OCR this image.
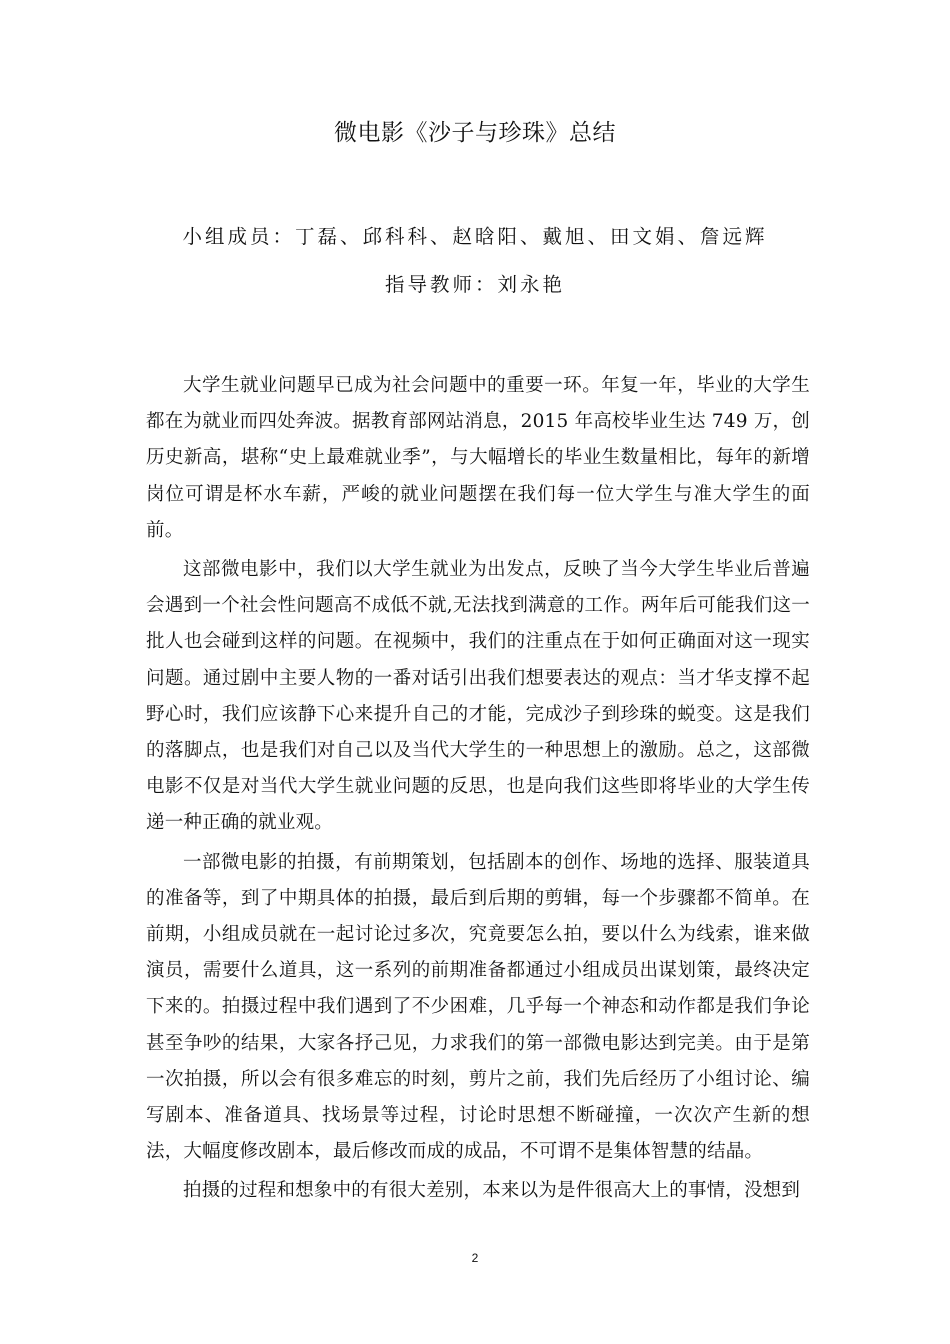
微电影《沙子与珍珠》总结
小组成员：丁磊、邱科科、赵晗阳、戴旭、田文娟、詹远辉
指导教师：刘永艳

大学生就业问题早已成为社会问题中的重要一环。年复一年，毕业的大学生都在为就业而四处奔波。据教育部网站消息，2015 年高校毕业生达 749 万，创历史新高，堪称“史上最难就业季”，与大幅增长的毕业生数量相比，每年的新增岗位可谓是杯水车薪，严峻的就业问题摆在我们每一位大学生与准大学生的面前。

这部微电影中，我们以大学生就业为出发点，反映了当今大学生毕业后普遍会遇到一个社会性问题高不成低不就,无法找到满意的工作。两年后可能我们这一批人也会碰到这样的问题。在视频中，我们的注重点在于如何正确面对这一现实问题。通过剧中主要人物的一番对话引出我们想要表达的观点：当才华支撑不起野心时，我们应该静下心来提升自己的才能，完成沙子到珍珠的蜕变。这是我们的落脚点，也是我们对自己以及当代大学生的一种思想上的激励。总之，这部微电影不仅是对当代大学生就业问题的反思，也是向我们这些即将毕业的大学生传递一种正确的就业观。

一部微电影的拍摄，有前期策划，包括剧本的创作、场地的选择、服装道具的准备等，到了中期具体的拍摄，最后到后期的剪辑，每一个步骤都不简单。在前期，小组成员就在一起讨论过多次，究竟要怎么拍，要以什么为线索，谁来做演员，需要什么道具，这一系列的前期准备都通过小组成员出谋划策，最终决定下来的。拍摄过程中我们遇到了不少困难，几乎每一个神态和动作都是我们争论甚至争吵的结果，大家各抒己见，力求我们的第一部微电影达到完美。由于是第一次拍摄，所以会有很多难忘的时刻，剪片之前，我们先后经历了小组讨论、编写剧本、准备道具、找场景等过程，讨论时思想不断碰撞，一次次产生新的想法，大幅度修改剧本，最后修改而成的成品，不可谓不是集体智慧的结晶。

拍摄的过程和想象中的有很大差别，本来以为是件很高大上的事情，没想到

2
